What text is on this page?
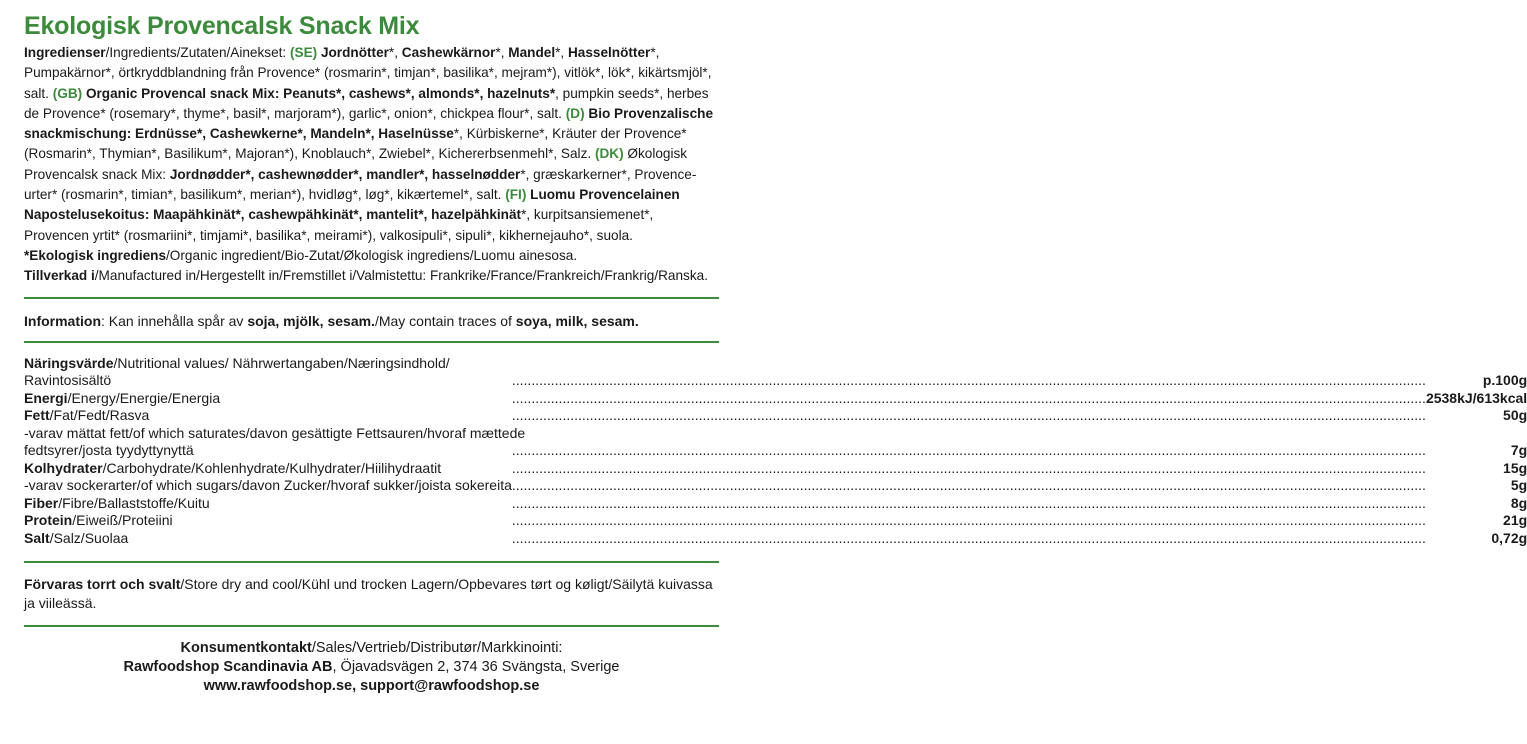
Ekologisk Provencalsk Snack Mix
Ingredienser/Ingredients/Zutaten/Ainekset: (SE) Jordnötter*, Cashewkärnor*, Mandel*, Hasselnötter*, Pumpakärnor*, örtkryddblandning från Provence* (rosmarin*, timjan*, basilika*, mejram*), vitlök*, lök*, kikärtsmjöl*, salt. (GB) Organic Provencal snack Mix: Peanuts*, cashews*, almonds*, hazelnuts*, pumpkin seeds*, herbes de Provence* (rosemary*, thyme*, basil*, marjoram*), garlic*, onion*, chickpea flour*, salt. (D) Bio Provenzalische snackmischung: Erdnüsse*, Cashewkerne*, Mandeln*, Haselnüsse*, Kürbiskerne*, Kräuter der Provence* (Rosmarin*, Thymian*, Basilikum*, Majoran*), Knoblauch*, Zwiebel*, Kichererbsenmehl*, Salz. (DK) Økologisk Provencalsk snack Mix: Jordnødder*, cashewnødder*, mandler*, hasselnødder*, græskarkerner*, Provence-urter* (rosmarin*, timian*, basilikum*, merian*), hvidløg*, løg*, kikærtemel*, salt. (FI) Luomu Provencelainen Napostelusekoitus: Maapähkinät*, cashewpähkinät*, mantelit*, hazelpähkinät*, kurpitsansiemenet*, Provencen yrtit* (rosmariini*, timjami*, basilika*, meirami*), valkosipuli*, sipuli*, kikhernejauho*, suola.
*Ekologisk ingrediens/Organic ingredient/Bio-Zutat/Økologisk ingrediens/Luomu ainesosa.
Tillverkad i/Manufactured in/Hergestellt in/Fremstillet i/Valmistettu: Frankrike/France/Frankreich/Frankrig/Ranska.
Information: Kan innehålla spår av soja, mjölk, sesam./May contain traces of soya, milk, sesam.
Näringsvärde/Nutritional values/ Nährwertangaben/Næringsindhold/
Ravintosisältö	.....	p.100g
Energi/Energy/Energie/Energia	.....	2538kJ/613kcal
Fett/Fat/Fedt/Rasva	.....	50g
-varav mättat fett/of which saturates/davon gesättigte Fettsauren/hvoraf mættede		
fedtsyrer/josta tyydyttynyttä	.....	7g
Kolhydrater/Carbohydrate/Kohlenhydrate/Kulhydrater/Hiilihydraatit	.....	15g
-varav sockerarter/of which sugars/davon Zucker/hvoraf sukker/joista sokereita	.....	5g
Fiber/Fibre/Ballaststoffe/Kuitu	.....	8g
Protein/Eiweiß/Proteiini	.....	21g
Salt/Salz/Suolaa	.....	0,72g
Förvaras torrt och svalt/Store dry and cool/Kühl und trocken Lagern/Opbevares tørt og køligt/Säilytä kuivassa ja viileässä.
Konsumentkontakt/Sales/Vertrieb/Distributør/Markkinointi:
Rawfoodshop Scandinavia AB, Öjavadsvägen 2, 374 36 Svängsta, Sverige
www.rawfoodshop.se, support@rawfoodshop.se
